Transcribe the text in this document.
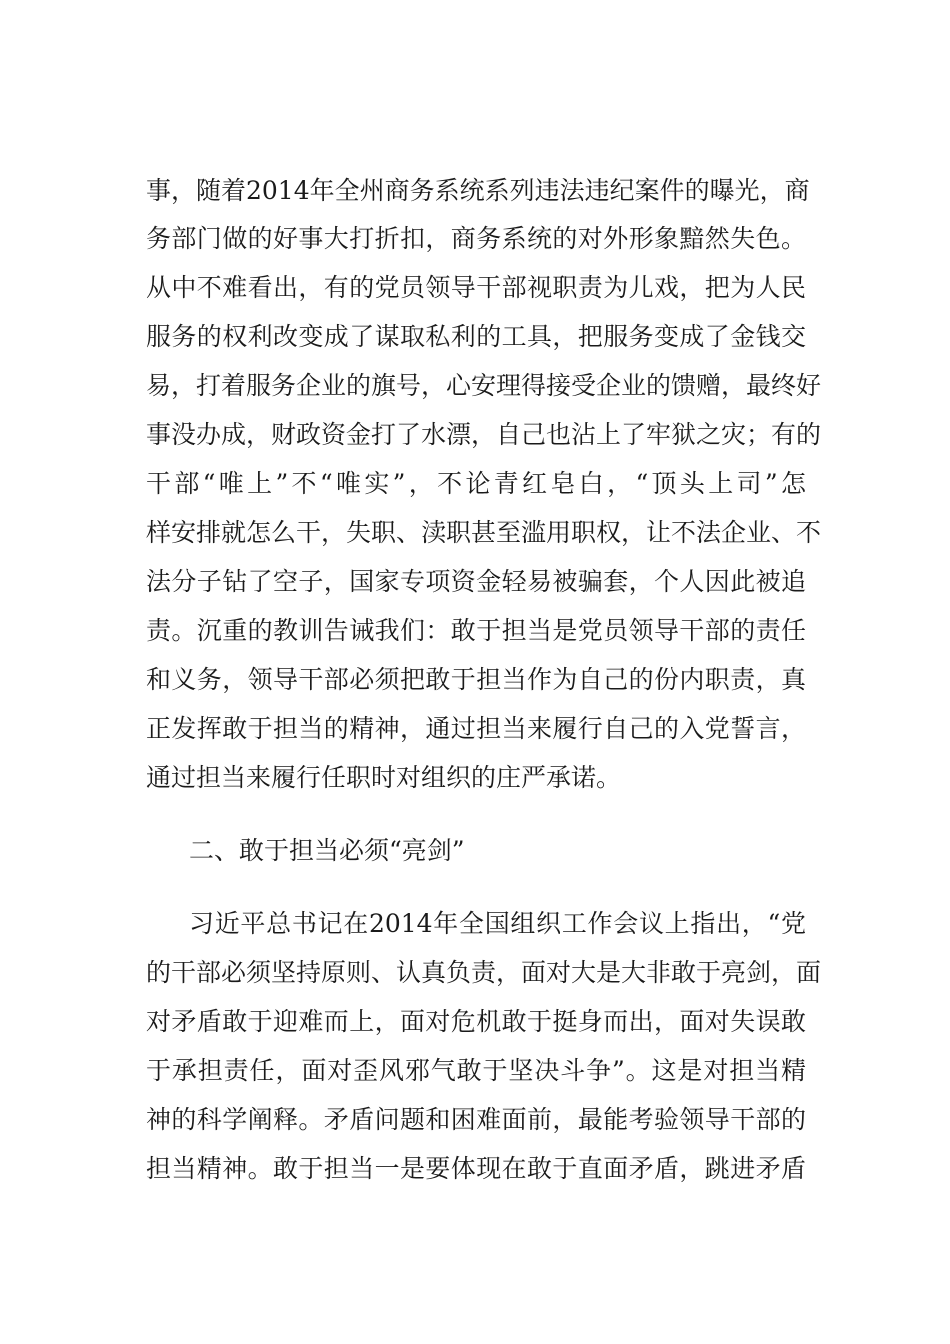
事，随着2014年全州商务系统系列违法违纪案件的曝光，商
务部门做的好事大打折扣，商务系统的对外形象黯然失色。
从中不难看出，有的党员领导干部视职责为儿戏，把为人民
服务的权利改变成了谋取私利的工具，把服务变成了金钱交
易，打着服务企业的旗号，心安理得接受企业的馈赠，最终好
事没办成，财政资金打了水漂，自己也沾上了牢狱之灾；有的
干部“唯上”不“唯实”，不论青红皂白，“顶头上司”怎
样安排就怎么干，失职、渎职甚至滥用职权，让不法企业、不
法分子钻了空子，国家专项资金轻易被骗套，个人因此被追
责。沉重的教训告诫我们：敢于担当是党员领导干部的责任
和义务，领导干部必须把敢于担当作为自己的份内职责，真
正发挥敢于担当的精神，通过担当来履行自己的入党誓言，
通过担当来履行任职时对组织的庄严承诺。
二、敢于担当必须“亮剑”
习近平总书记在2014年全国组织工作会议上指出，“党
的干部必须坚持原则、认真负责，面对大是大非敢于亮剑，面
对矛盾敢于迎难而上，面对危机敢于挺身而出，面对失误敢
于承担责任，面对歪风邪气敢于坚决斗争”。这是对担当精
神的科学阐释。矛盾问题和困难面前，最能考验领导干部的
担当精神。敢于担当一是要体现在敢于直面矛盾，跳进矛盾
